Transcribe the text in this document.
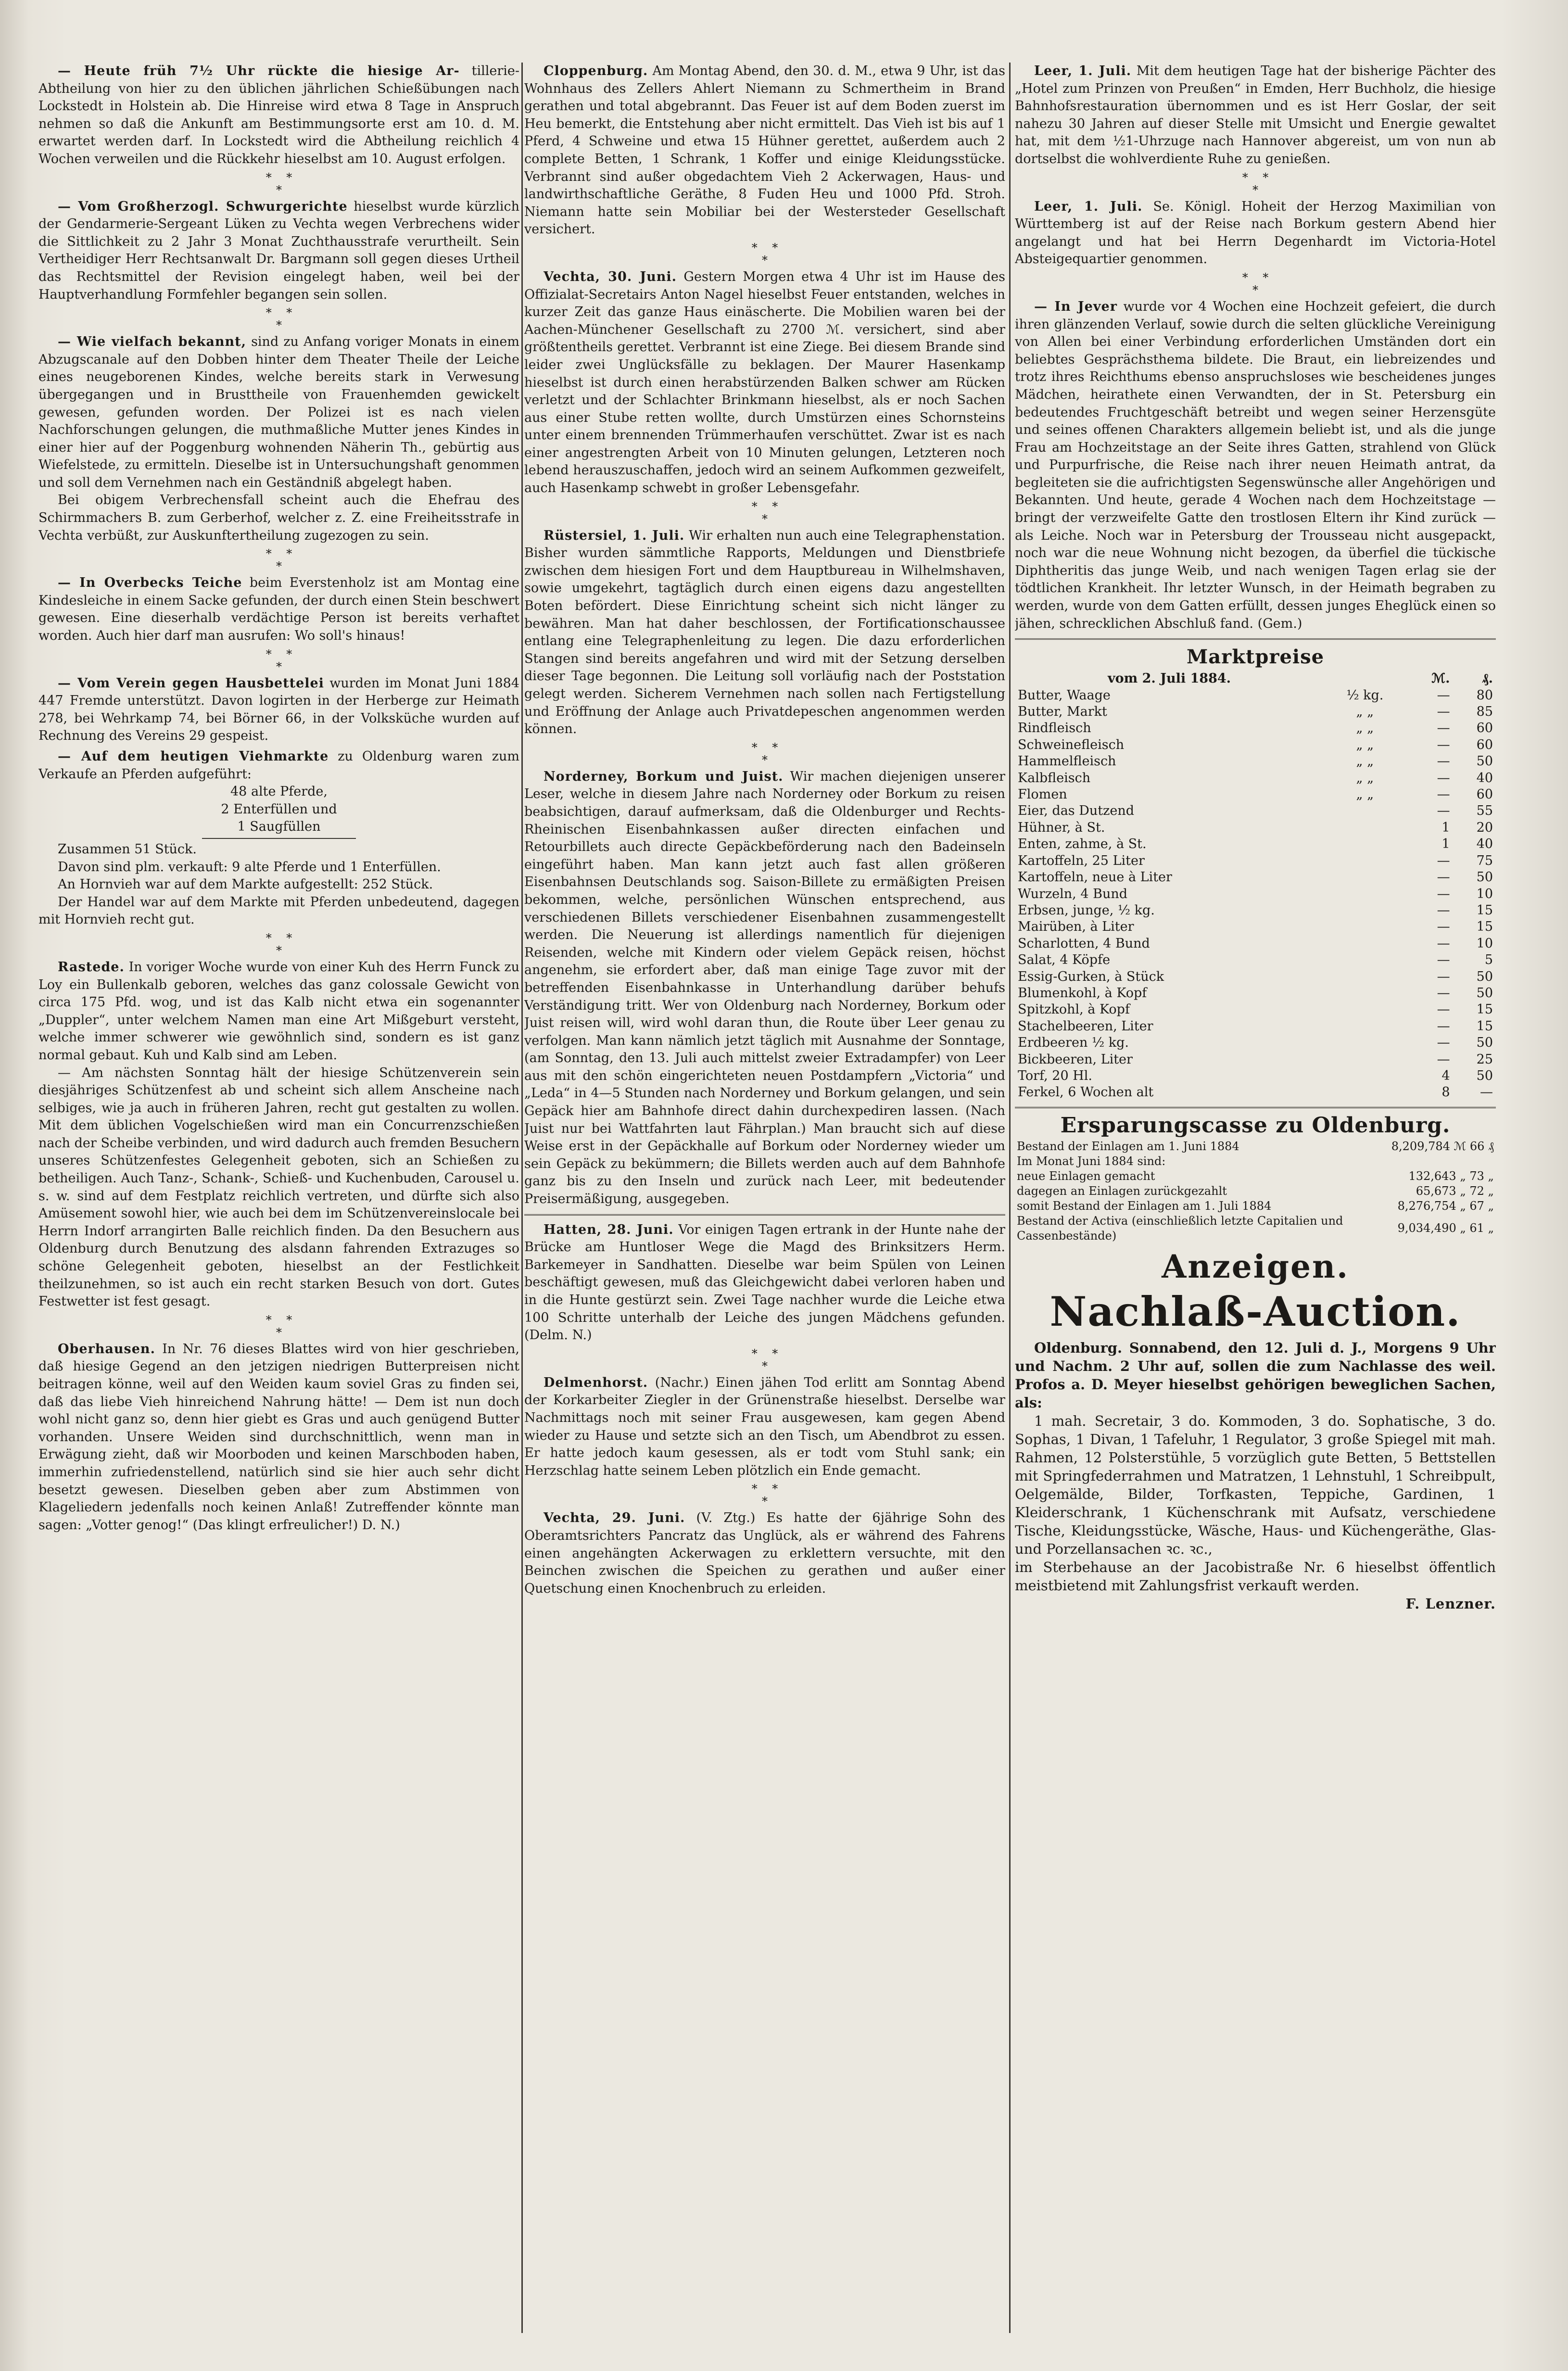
— Heute früh 7½ Uhr rückte die hiesige Ar- tillerie-Abtheilung von hier zu den üblichen jährlichen Schießübungen nach Lockstedt in Holstein ab. Die Hinreise wird etwa 8 Tage in Anspruch nehmen so daß die Ankunft am Bestimmungsorte erst am 10. d. M. erwartet werden darf. In Lockstedt wird die Abtheilung reichlich 4 Wochen verweilen und die Rückkehr hieselbst am 10. August erfolgen.

*    *
*

— Vom Großherzogl. Schwurgerichte hieselbst wurde kürzlich der Gendarmerie-Sergeant Lüken zu Vechta wegen Verbrechens wider die Sittlichkeit zu 2 Jahr 3 Monat Zuchthausstrafe verurtheilt. Sein Vertheidiger Herr Rechtsanwalt Dr. Bargmann soll gegen dieses Urtheil das Rechtsmittel der Revision eingelegt haben, weil bei der Hauptverhandlung Formfehler begangen sein sollen.

*    *
*

— Wie vielfach bekannt, sind zu Anfang voriger Monats in einem Abzugscanale auf den Dobben hinter dem Theater Theile der Leiche eines neugeborenen Kindes, welche bereits stark in Verwesung übergegangen und in Brusttheile von Frauenhemden gewickelt gewesen, gefunden worden. Der Polizei ist es nach vielen Nachforschungen gelungen, die muthmaßliche Mutter jenes Kindes in einer hier auf der Poggenburg wohnenden Näherin Th., gebürtig aus Wiefelstede, zu ermitteln. Dieselbe ist in Untersuchungshaft genommen und soll dem Vernehmen nach ein Geständniß abgelegt haben.

Bei obigem Verbrechensfall scheint auch die Ehefrau des Schirmmachers B. zum Gerberhof, welcher z. Z. eine Freiheitsstrafe in Vechta verbüßt, zur Auskunftertheilung zugezogen zu sein.

*    *
*

— In Overbecks Teiche beim Everstenholz ist am Montag eine Kindesleiche in einem Sacke gefunden, der durch einen Stein beschwert gewesen. Eine dieserhalb verdächtige Person ist bereits verhaftet worden. Auch hier darf man ausrufen: Wo soll's hinaus!

*    *
*

— Vom Verein gegen Hausbettelei wurden im Monat Juni 1884 447 Fremde unterstützt. Davon logirten in der Herberge zur Heimath 278, bei Wehrkamp 74, bei Börner 66, in der Volksküche wurden auf Rechnung des Vereins 29 gespeist.

— Auf dem heutigen Viehmarkte zu Oldenburg waren zum Verkaufe an Pferden aufgeführt:

48 alte Pferde,
2 Enterfüllen und
1 Saugfüllen

Zusammen 51 Stück.

Davon sind plm. verkauft: 9 alte Pferde und 1 Enterfüllen.

An Hornvieh war auf dem Markte aufgestellt: 252 Stück.

Der Handel war auf dem Markte mit Pferden unbedeutend, dagegen mit Hornvieh recht gut.

*    *
*

Rastede. In voriger Woche wurde von einer Kuh des Herrn Funck zu Loy ein Bullenkalb geboren, welches das ganz colossale Gewicht von circa 175 Pfd. wog, und ist das Kalb nicht etwa ein sogenannter „Duppler“, unter welchem Namen man eine Art Mißgeburt versteht, welche immer schwerer wie gewöhnlich sind, sondern es ist ganz normal gebaut. Kuh und Kalb sind am Leben.

— Am nächsten Sonntag hält der hiesige Schützenverein sein diesjähriges Schützenfest ab und scheint sich allem Anscheine nach selbiges, wie ja auch in früheren Jahren, recht gut gestalten zu wollen. Mit dem üblichen Vogelschießen wird man ein Concurrenzschießen nach der Scheibe verbinden, und wird dadurch auch fremden Besuchern unseres Schützenfestes Gelegenheit geboten, sich an Schießen zu betheiligen. Auch Tanz-, Schank-, Schieß- und Kuchenbuden, Carousel u. s. w. sind auf dem Festplatz reichlich vertreten, und dürfte sich also Amüsement sowohl hier, wie auch bei dem im Schützenvereinslocale bei Herrn Indorf arrangirten Balle reichlich finden. Da den Besuchern aus Oldenburg durch Benutzung des alsdann fahrenden Extrazuges so schöne Gelegenheit geboten, hieselbst an der Festlichkeit theilzunehmen, so ist auch ein recht starken Besuch von dort. Gutes Festwetter ist fest gesagt.

*    *
*

Oberhausen. In Nr. 76 dieses Blattes wird von hier geschrieben, daß hiesige Gegend an den jetzigen niedrigen Butterpreisen nicht beitragen könne, weil auf den Weiden kaum soviel Gras zu finden sei, daß das liebe Vieh hinreichend Nahrung hätte! — Dem ist nun doch wohl nicht ganz so, denn hier giebt es Gras und auch genügend Butter vorhanden. Unsere Weiden sind durchschnittlich, wenn man in Erwägung zieht, daß wir Moorboden und keinen Marschboden haben, immerhin zufriedenstellend, natürlich sind sie hier auch sehr dicht besetzt gewesen. Dieselben geben aber zum Abstimmen von Klageliedern jedenfalls noch keinen Anlaß! Zutreffender könnte man sagen: „Votter genog!“ (Das klingt erfreulicher!) D. N.)

Cloppenburg. Am Montag Abend, den 30. d. M., etwa 9 Uhr, ist das Wohnhaus des Zellers Ahlert Niemann zu Schmertheim in Brand gerathen und total abgebrannt. Das Feuer ist auf dem Boden zuerst im Heu bemerkt, die Entstehung aber nicht ermittelt. Das Vieh ist bis auf 1 Pferd, 4 Schweine und etwa 15 Hühner gerettet, außerdem auch 2 complete Betten, 1 Schrank, 1 Koffer und einige Kleidungsstücke. Verbrannt sind außer obgedachtem Vieh 2 Ackerwagen, Haus- und landwirthschaftliche Geräthe, 8 Fuden Heu und 1000 Pfd. Stroh. Niemann hatte sein Mobiliar bei der Westersteder Gesellschaft versichert.

*    *
*

Vechta, 30. Juni. Gestern Morgen etwa 4 Uhr ist im Hause des Offizialat-Secretairs Anton Nagel hieselbst Feuer entstanden, welches in kurzer Zeit das ganze Haus einäscherte. Die Mobilien waren bei der Aachen-Münchener Gesellschaft zu 2700 ℳ. versichert, sind aber größtentheils gerettet. Verbrannt ist eine Ziege. Bei diesem Brande sind leider zwei Unglücksfälle zu beklagen. Der Maurer Hasenkamp hieselbst ist durch einen herabstürzenden Balken schwer am Rücken verletzt und der Schlachter Brinkmann hieselbst, als er noch Sachen aus einer Stube retten wollte, durch Umstürzen eines Schornsteins unter einem brennenden Trümmerhaufen verschüttet. Zwar ist es nach einer angestrengten Arbeit von 10 Minuten gelungen, Letzteren noch lebend herauszuschaffen, jedoch wird an seinem Aufkommen gezweifelt, auch Hasenkamp schwebt in großer Lebensgefahr.

*    *
*

Rüstersiel, 1. Juli. Wir erhalten nun auch eine Telegraphenstation. Bisher wurden sämmtliche Rapports, Meldungen und Dienstbriefe zwischen dem hiesigen Fort und dem Hauptbureau in Wilhelmshaven, sowie umgekehrt, tagtäglich durch einen eigens dazu angestellten Boten befördert. Diese Einrichtung scheint sich nicht länger zu bewähren. Man hat daher beschlossen, der Fortificationschaussee entlang eine Telegraphenleitung zu legen. Die dazu erforderlichen Stangen sind bereits angefahren und wird mit der Setzung derselben dieser Tage begonnen. Die Leitung soll vorläufig nach der Poststation gelegt werden. Sicherem Vernehmen nach sollen nach Fertigstellung und Eröffnung der Anlage auch Privatdepeschen angenommen werden können.

*    *
*

Norderney, Borkum und Juist. Wir machen diejenigen unserer Leser, welche in diesem Jahre nach Norderney oder Borkum zu reisen beabsichtigen, darauf aufmerksam, daß die Oldenburger und Rechts-Rheinischen Eisenbahnkassen außer directen einfachen und Retourbillets auch directe Gepäckbeförderung nach den Badeinseln eingeführt haben. Man kann jetzt auch fast allen größeren Eisenbahnsen Deutschlands sog. Saison-Billete zu ermäßigten Preisen bekommen, welche, persönlichen Wünschen entsprechend, aus verschiedenen Billets verschiedener Eisenbahnen zusammengestellt werden. Die Neuerung ist allerdings namentlich für diejenigen Reisenden, welche mit Kindern oder vielem Gepäck reisen, höchst angenehm, sie erfordert aber, daß man einige Tage zuvor mit der betreffenden Eisenbahnkasse in Unterhandlung darüber behufs Verständigung tritt. Wer von Oldenburg nach Norderney, Borkum oder Juist reisen will, wird wohl daran thun, die Route über Leer genau zu verfolgen. Man kann nämlich jetzt täglich mit Ausnahme der Sonntage, (am Sonntag, den 13. Juli auch mittelst zweier Extradampfer) von Leer aus mit den schön eingerichteten neuen Postdampfern „Victoria“ und „Leda“ in 4—5 Stunden nach Norderney und Borkum gelangen, und sein Gepäck hier am Bahnhofe direct dahin durchexpediren lassen. (Nach Juist nur bei Wattfahrten laut Fährplan.) Man braucht sich auf diese Weise erst in der Gepäckhalle auf Borkum oder Norderney wieder um sein Gepäck zu bekümmern; die Billets werden auch auf dem Bahnhofe ganz bis zu den Inseln und zurück nach Leer, mit bedeutender Preisermäßigung, ausgegeben.

Hatten, 28. Juni. Vor einigen Tagen ertrank in der Hunte nahe der Brücke am Huntloser Wege die Magd des Brinksitzers Herm. Barkemeyer in Sandhatten. Dieselbe war beim Spülen von Leinen beschäftigt gewesen, muß das Gleichgewicht dabei verloren haben und in die Hunte gestürzt sein. Zwei Tage nachher wurde die Leiche etwa 100 Schritte unterhalb der Leiche des jungen Mädchens gefunden. (Delm. N.)

*    *
*

Delmenhorst. (Nachr.) Einen jähen Tod erlitt am Sonntag Abend der Korkarbeiter Ziegler in der Grünenstraße hieselbst. Derselbe war Nachmittags noch mit seiner Frau ausgewesen, kam gegen Abend wieder zu Hause und setzte sich an den Tisch, um Abendbrot zu essen. Er hatte jedoch kaum gesessen, als er todt vom Stuhl sank; ein Herzschlag hatte seinem Leben plötzlich ein Ende gemacht.

*    *
*

Vechta, 29. Juni. (V. Ztg.) Es hatte der 6jährige Sohn des Oberamtsrichters Pancratz das Unglück, als er während des Fahrens einen angehängten Ackerwagen zu erklettern versuchte, mit den Beinchen zwischen die Speichen zu gerathen und außer einer Quetschung einen Knochenbruch zu erleiden.

Leer, 1. Juli. Mit dem heutigen Tage hat der bisherige Pächter des „Hotel zum Prinzen von Preußen“ in Emden, Herr Buchholz, die hiesige Bahnhofsrestauration übernommen und es ist Herr Goslar, der seit nahezu 30 Jahren auf dieser Stelle mit Umsicht und Energie gewaltet hat, mit dem ½1-Uhrzuge nach Hannover abgereist, um von nun ab dortselbst die wohlverdiente Ruhe zu genießen.

*    *
*

Leer, 1. Juli. Se. Königl. Hoheit der Herzog Maximilian von Württemberg ist auf der Reise nach Borkum gestern Abend hier angelangt und hat bei Herrn Degenhardt im Victoria-Hotel Absteigequartier genommen.

*    *
*

— In Jever wurde vor 4 Wochen eine Hochzeit gefeiert, die durch ihren glänzenden Verlauf, sowie durch die selten glückliche Vereinigung von Allen bei einer Verbindung erforderlichen Umständen dort ein beliebtes Gesprächsthema bildete. Die Braut, ein liebreizendes und trotz ihres Reichthums ebenso anspruchsloses wie bescheidenes junges Mädchen, heirathete einen Verwandten, der in St. Petersburg ein bedeutendes Fruchtgeschäft betreibt und wegen seiner Herzensgüte und seines offenen Charakters allgemein beliebt ist, und als die junge Frau am Hochzeitstage an der Seite ihres Gatten, strahlend von Glück und Purpurfrische, die Reise nach ihrer neuen Heimath antrat, da begleiteten sie die aufrichtigsten Segenswünsche aller Angehörigen und Bekannten. Und heute, gerade 4 Wochen nach dem Hochzeitstage — bringt der verzweifelte Gatte den trostlosen Eltern ihr Kind zurück — als Leiche. Noch war in Petersburg der Trousseau nicht ausgepackt, noch war die neue Wohnung nicht bezogen, da überfiel die tückische Diphtheritis das junge Weib, und nach wenigen Tagen erlag sie der tödtlichen Krankheit. Ihr letzter Wunsch, in der Heimath begraben zu werden, wurde von dem Gatten erfüllt, dessen junges Eheglück einen so jähen, schrecklichen Abschluß fand. (Gem.)

Marktpreise
vom 2. Juli 1884.		ℳ.	₰.
Butter, Waage	½ kg.	—	80
Butter, Markt	„ „	—	85
Rindfleisch	„ „	—	60
Schweinefleisch	„ „	—	60
Hammelfleisch	„ „	—	50
Kalbfleisch	„ „	—	40
Flomen	„ „	—	60
Eier, das Dutzend		—	55
Hühner, à St.		1	20
Enten, zahme, à St.		1	40
Kartoffeln, 25 Liter		—	75
Kartoffeln, neue à Liter		—	50
Wurzeln, 4 Bund		—	10
Erbsen, junge, ½ kg.		—	15
Mairüben, à Liter		—	15
Scharlotten, 4 Bund		—	10
Salat, 4 Köpfe		—	5
Essig-Gurken, à Stück		—	50
Blumenkohl, à Kopf		—	50
Spitzkohl, à Kopf		—	15
Stachelbeeren, Liter		—	15
Erdbeeren ½ kg.		—	50
Bickbeeren, Liter		—	25
Torf, 20 Hl.		4	50
Ferkel, 6 Wochen alt		8	—
Ersparungscasse zu Oldenburg.
Bestand der Einlagen am 1. Juni 1884	8,209,784 ℳ 66 ₰
Im Monat Juni 1884 sind:	
neue Einlagen gemacht	132,643 „ 73 „
dagegen an Einlagen zurückgezahlt	65,673 „ 72 „
somit Bestand der Einlagen am 1. Juli 1884	8,276,754 „ 67 „
Bestand der Activa (einschließlich letzte Capitalien und Cassenbestände)	9,034,490 „ 61 „
Anzeigen.
Nachlaß-Auction.

Oldenburg. Sonnabend, den 12. Juli d. J., Morgens 9 Uhr und Nachm. 2 Uhr auf, sollen die zum Nachlasse des weil. Profos a. D. Meyer hieselbst gehörigen beweglichen Sachen, als:

1 mah. Secretair, 3 do. Kommoden, 3 do. Sophatische, 3 do. Sophas, 1 Divan, 1 Tafeluhr, 1 Regulator, 3 große Spiegel mit mah. Rahmen, 12 Polsterstühle, 5 vorzüglich gute Betten, 5 Bettstellen mit Springfederrahmen und Matratzen, 1 Lehnstuhl, 1 Schreibpult, Oelgemälde, Bilder, Torfkasten, Teppiche, Gardinen, 1 Kleiderschrank, 1 Küchenschrank mit Aufsatz, verschiedene Tische, Kleidungsstücke, Wäsche, Haus- und Küchengeräthe, Glas- und Porzellansachen ꝛc. ꝛc.,

im Sterbehause an der Jacobistraße Nr. 6 hieselbst öffentlich meistbietend mit Zahlungsfrist verkauft werden.

F. Lenzner.
